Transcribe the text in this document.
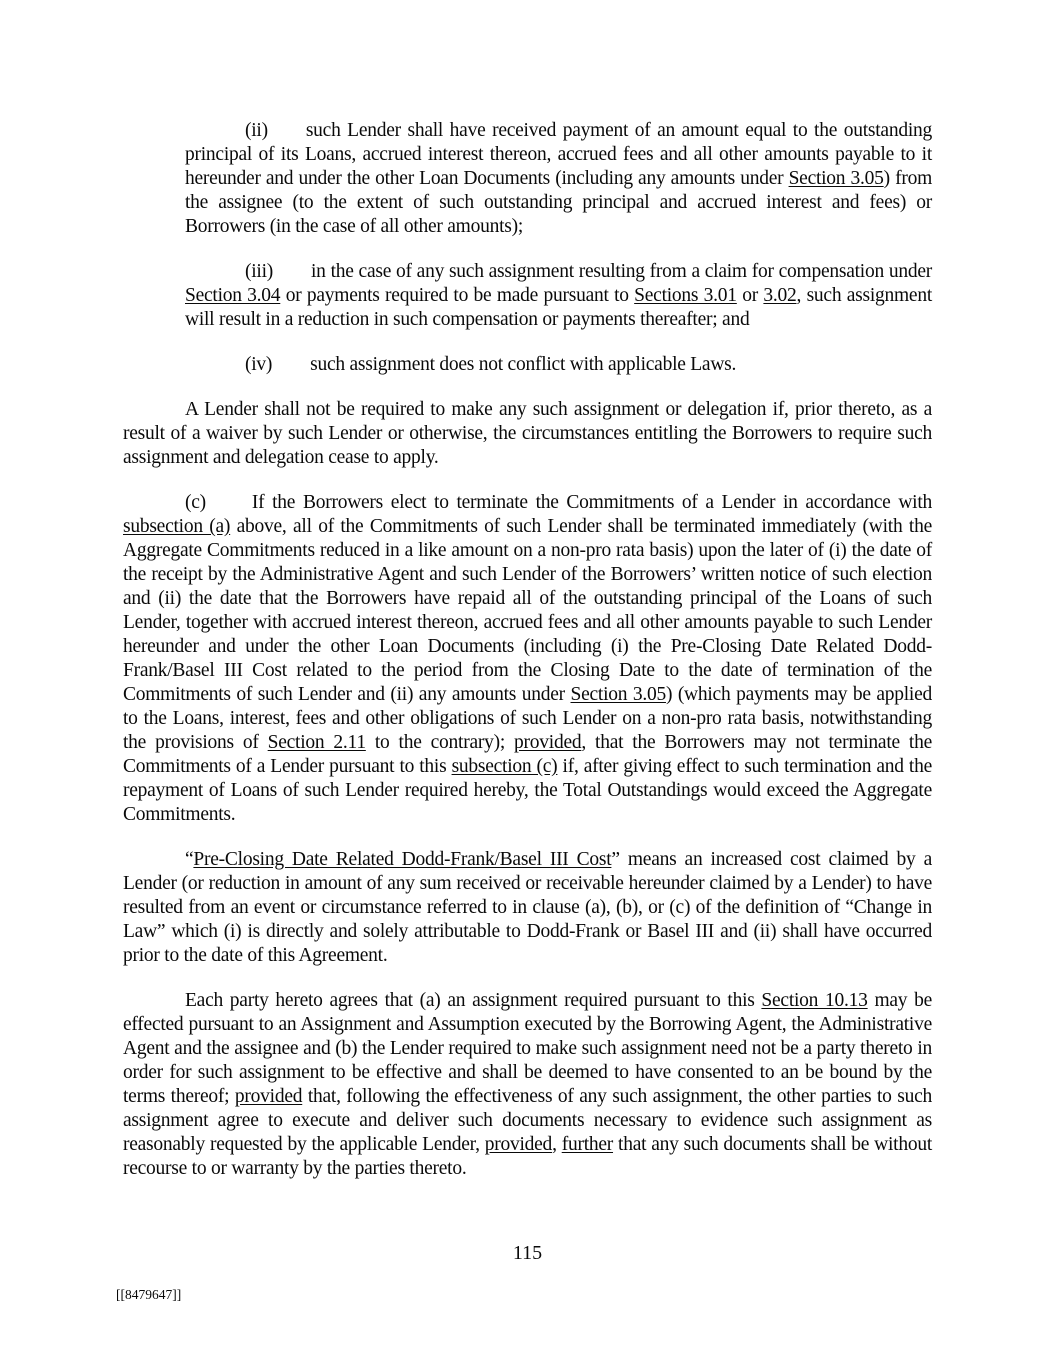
(ii) such Lender shall have received payment of an amount equal to the outstanding principal of its Loans, accrued interest thereon, accrued fees and all other amounts payable to it hereunder and under the other Loan Documents (including any amounts under Section 3.05) from the assignee (to the extent of such outstanding principal and accrued interest and fees) or Borrowers (in the case of all other amounts);

(iii) in the case of any such assignment resulting from a claim for compensation under Section 3.04 or payments required to be made pursuant to Sections 3.01 or 3.02, such assignment will result in a reduction in such compensation or payments thereafter; and

(iv) such assignment does not conflict with applicable Laws.

A Lender shall not be required to make any such assignment or delegation if, prior thereto, as a result of a waiver by such Lender or otherwise, the circumstances entitling the Borrowers to require such assignment and delegation cease to apply.

(c) If the Borrowers elect to terminate the Commitments of a Lender in accordance with subsection (a) above, all of the Commitments of such Lender shall be terminated immediately (with the Aggregate Commitments reduced in a like amount on a non-pro rata basis) upon the later of (i) the date of the receipt by the Administrative Agent and such Lender of the Borrowers’ written notice of such election and (ii) the date that the Borrowers have repaid all of the outstanding principal of the Loans of such Lender, together with accrued interest thereon, accrued fees and all other amounts payable to such Lender hereunder and under the other Loan Documents (including (i) the Pre-Closing Date Related Dodd-Frank/Basel III Cost related to the period from the Closing Date to the date of termination of the Commitments of such Lender and (ii) any amounts under Section 3.05) (which payments may be applied to the Loans, interest, fees and other obligations of such Lender on a non-pro rata basis, notwithstanding the provisions of Section 2.11 to the contrary); provided, that the Borrowers may not terminate the Commitments of a Lender pursuant to this subsection (c) if, after giving effect to such termination and the repayment of Loans of such Lender required hereby, the Total Outstandings would exceed the Aggregate Commitments.

“Pre-Closing Date Related Dodd-Frank/Basel III Cost” means an increased cost claimed by a Lender (or reduction in amount of any sum received or receivable hereunder claimed by a Lender) to have resulted from an event or circumstance referred to in clause (a), (b), or (c) of the definition of “Change in Law” which (i) is directly and solely attributable to Dodd-Frank or Basel III and (ii) shall have occurred prior to the date of this Agreement.

Each party hereto agrees that (a) an assignment required pursuant to this Section 10.13 may be effected pursuant to an Assignment and Assumption executed by the Borrowing Agent, the Administrative Agent and the assignee and (b) the Lender required to make such assignment need not be a party thereto in order for such assignment to be effective and shall be deemed to have consented to an be bound by the terms thereof; provided that, following the effectiveness of any such assignment, the other parties to such assignment agree to execute and deliver such documents necessary to evidence such assignment as reasonably requested by the applicable Lender, provided, further that any such documents shall be without recourse to or warranty by the parties thereto.

115
[[8479647]]
